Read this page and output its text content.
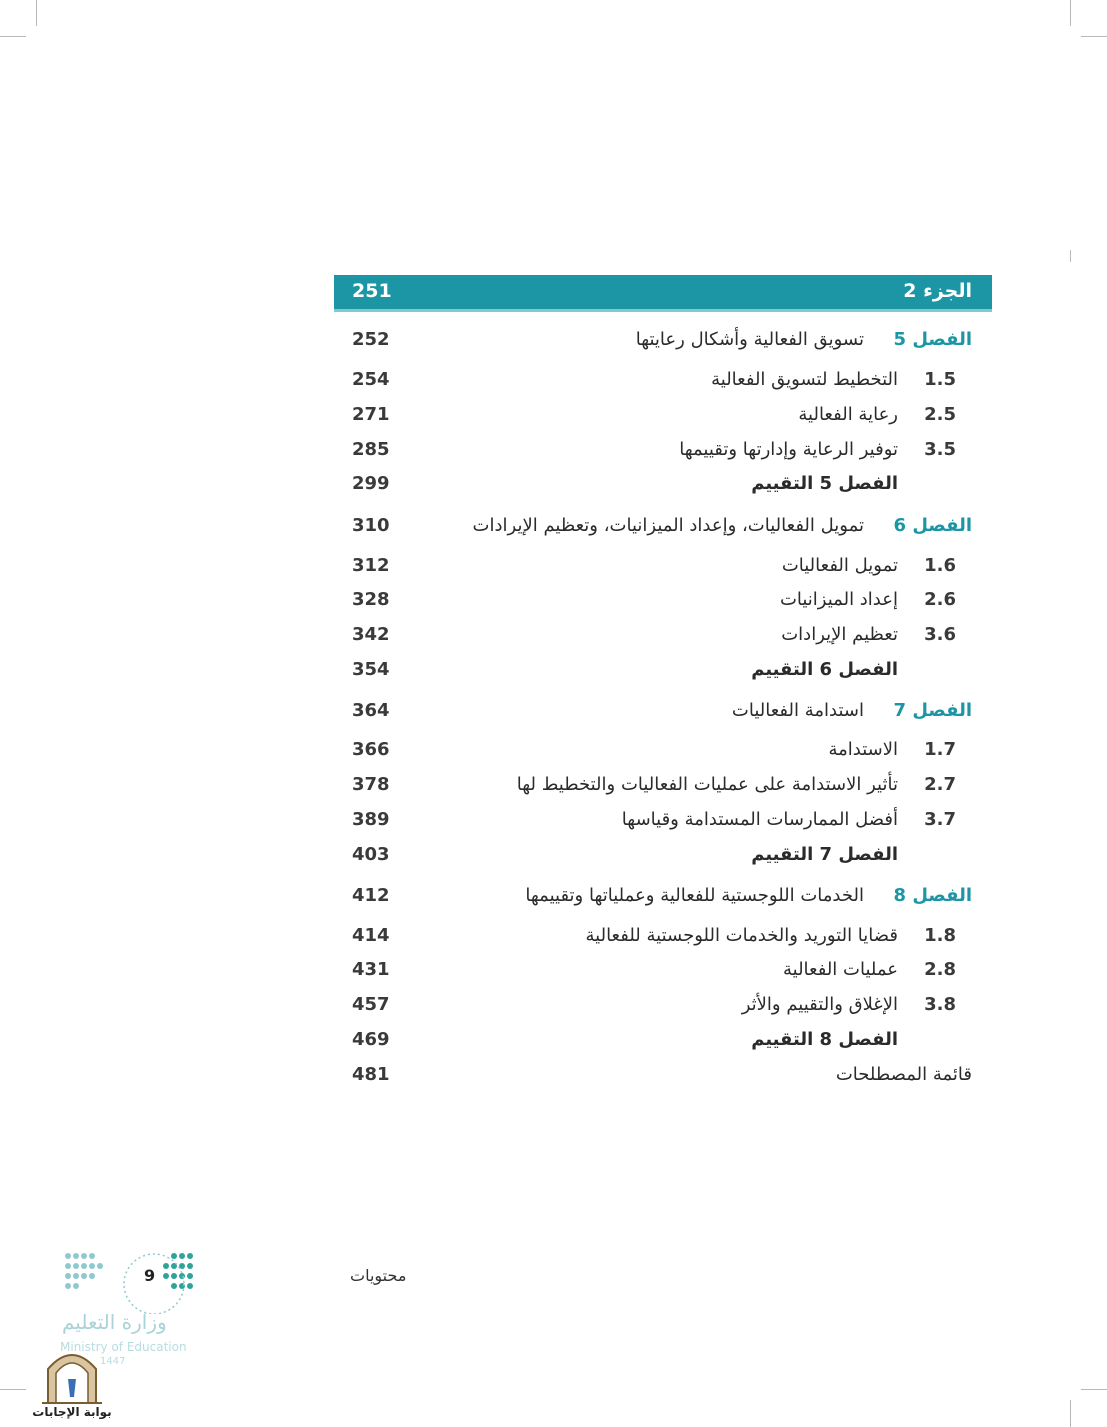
الجزء 2
251
الفصل 5
تسويق الفعالية وأشكال رعايتها
252
1.5
التخطيط لتسويق الفعالية
254
2.5
رعاية الفعالية
271
3.5
توفير الرعاية وإدارتها وتقييمها
285
الفصل 5 التقييم
299
الفصل 6
تمويل الفعاليات، وإعداد الميزانيات، وتعظيم الإيرادات
310
1.6
تمويل الفعاليات
312
2.6
إعداد الميزانيات
328
3.6
تعظيم الإيرادات
342
الفصل 6 التقييم
354
الفصل 7
استدامة الفعاليات
364
1.7
الاستدامة
366
2.7
تأثير الاستدامة على عمليات الفعاليات والتخطيط لها
378
3.7
أفضل الممارسات المستدامة وقياسها
389
الفصل 7 التقييم
403
الفصل 8
الخدمات اللوجستية للفعالية وعملياتها وتقييمها
412
1.8
قضايا التوريد والخدمات اللوجستية للفعالية
414
2.8
عمليات الفعالية
431
3.8
الإغلاق والتقييم والأثر
457
الفصل 8 التقييم
469
قائمة المصطلحات
481
محتويات
9
وزارة التعليم
Ministry of Education
1447
بوابة الإجابات
